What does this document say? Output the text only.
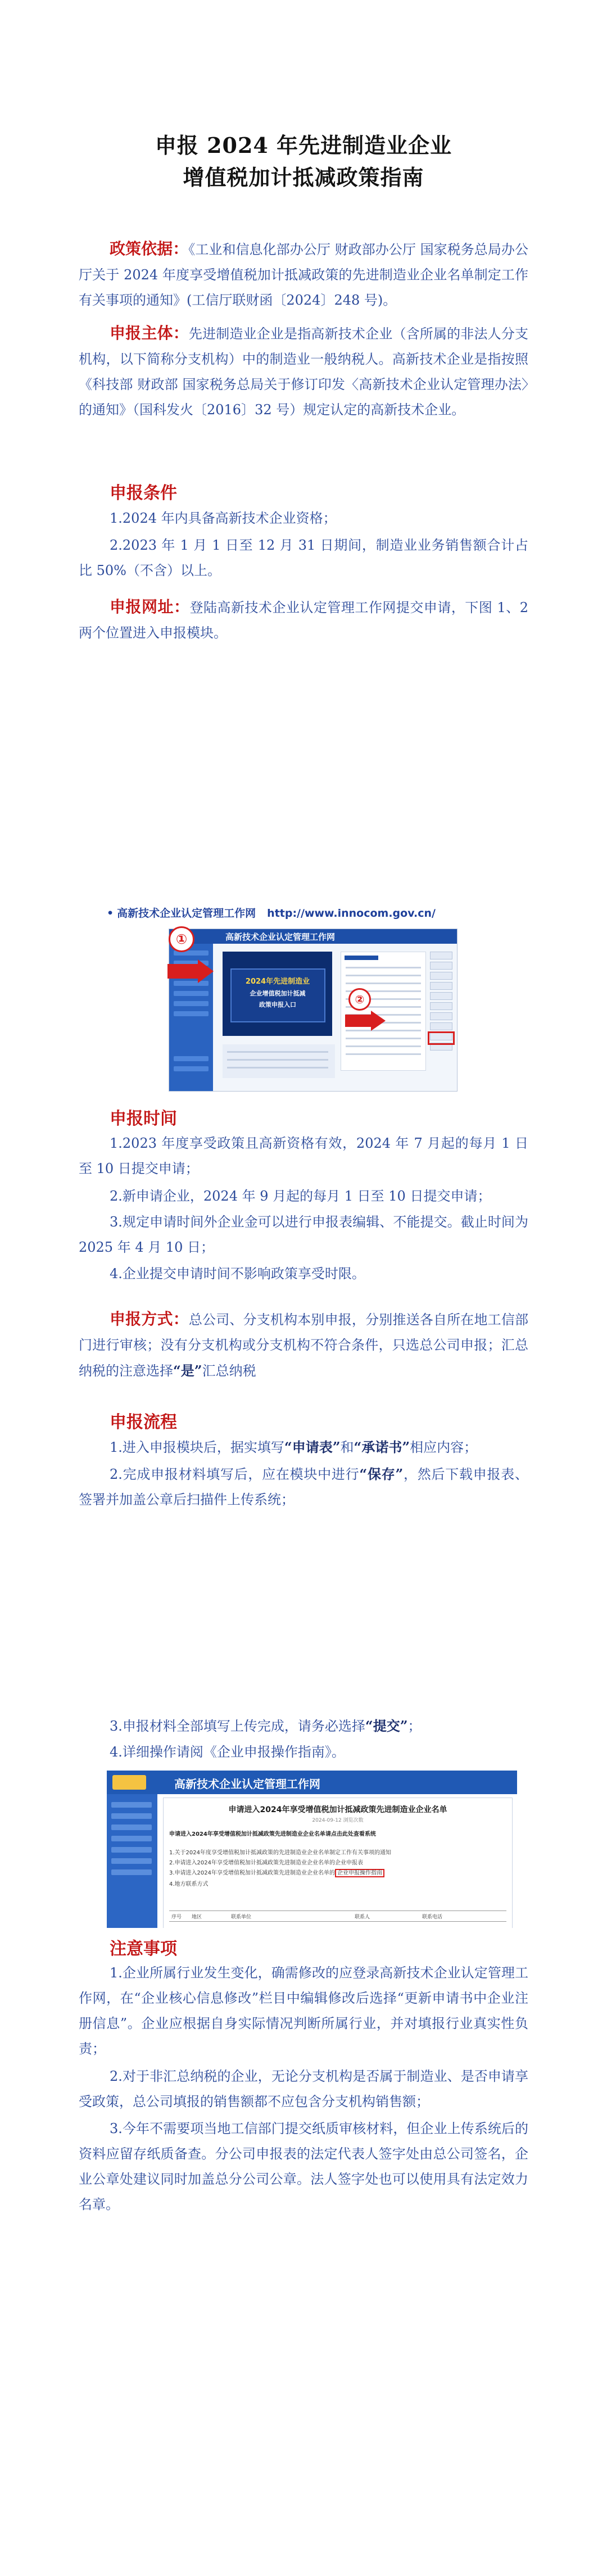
申报 2024 年先进制造业企业
增值税加计抵减政策指南

政策依据：《工业和信息化部办公厅 财政部办公厅 国家税务总局办公厅关于 2024 年度享受增值税加计抵减政策的先进制造业企业名单制定工作有关事项的通知》(工信厅联财函〔2024〕248 号)。

申报主体：先进制造业企业是指高新技术企业（含所属的非法人分支机构，以下简称分支机构）中的制造业一般纳税人。高新技术企业是指按照《科技部 财政部 国家税务总局关于修订印发〈高新技术企业认定管理办法〉的通知》（国科发火〔2016〕32 号）规定认定的高新技术企业。

申报条件

1.2024 年内具备高新技术企业资格；

2.2023 年 1 月 1 日至 12 月 31 日期间，制造业业务销售额合计占比 50%（不含）以上。

申报网址：登陆高新技术企业认定管理工作网提交申请，下图 1、2 两个位置进入申报模块。

• 高新技术企业认定管理工作网 http://www.innocom.gov.cn/
高新技术企业认定管理工作网
2024年先进制造业
企业增值税加计抵减
政策申报入口
①
②
申报时间

1.2023 年度享受政策且高新资格有效，2024 年 7 月起的每月 1 日至 10 日提交申请；

2.新申请企业，2024 年 9 月起的每月 1 日至 10 日提交申请；

3.规定申请时间外企业金可以进行申报表编辑、不能提交。截止时间为 2025 年 4 月 10 日；

4.企业提交申请时间不影响政策享受时限。

申报方式：总公司、分支机构本别申报，分别推送各自所在地工信部门进行审核；没有分支机构或分支机构不符合条件，只选总公司申报；汇总纳税的注意选择“是”汇总纳税

申报流程

1.进入申报模块后，据实填写“申请表”和“承诺书”相应内容；

2.完成申报材料填写后，应在模块中进行“保存”，然后下载申报表、签署并加盖公章后扫描件上传系统；

3.申报材料全部填写上传完成，请务必选择“提交”；

4.详细操作请阅《企业申报操作指南》。

高新技术企业认定管理工作网
申请进入2024年享受增值税加计抵减政策先进制造业企业名单
2024-09-12 浏览次数
申请进入2024年享受增值税加计抵减政策先进制造业企业名单请点击此处查看系统
1.关于2024年度享受增值税加计抵减政策的先进制造业企业名单制定工作有关事项的通知
2.申请进入2024年享受增值税加计抵减政策先进制造业企业名单的企业申报表
3.申请进入2024年享受增值税加计抵减政策先进制造业企业名单的 企业申报操作指南
4.地方联系方式
序号 地区	联系单位	联系人	联系电话
注意事项

1.企业所属行业发生变化，确需修改的应登录高新技术企业认定管理工作网，在“企业核心信息修改”栏目中编辑修改后选择“更新申请书中企业注册信息”。企业应根据自身实际情况判断所属行业，并对填报行业真实性负责；

2.对于非汇总纳税的企业，无论分支机构是否属于制造业、是否申请享受政策，总公司填报的销售额都不应包含分支机构销售额；

3.今年不需要项当地工信部门提交纸质审核材料，但企业上传系统后的资料应留存纸质备查。分公司申报表的法定代表人签字处由总公司签名，企业公章处建议同时加盖总分公司公章。法人签字处也可以使用具有法定效力名章。
